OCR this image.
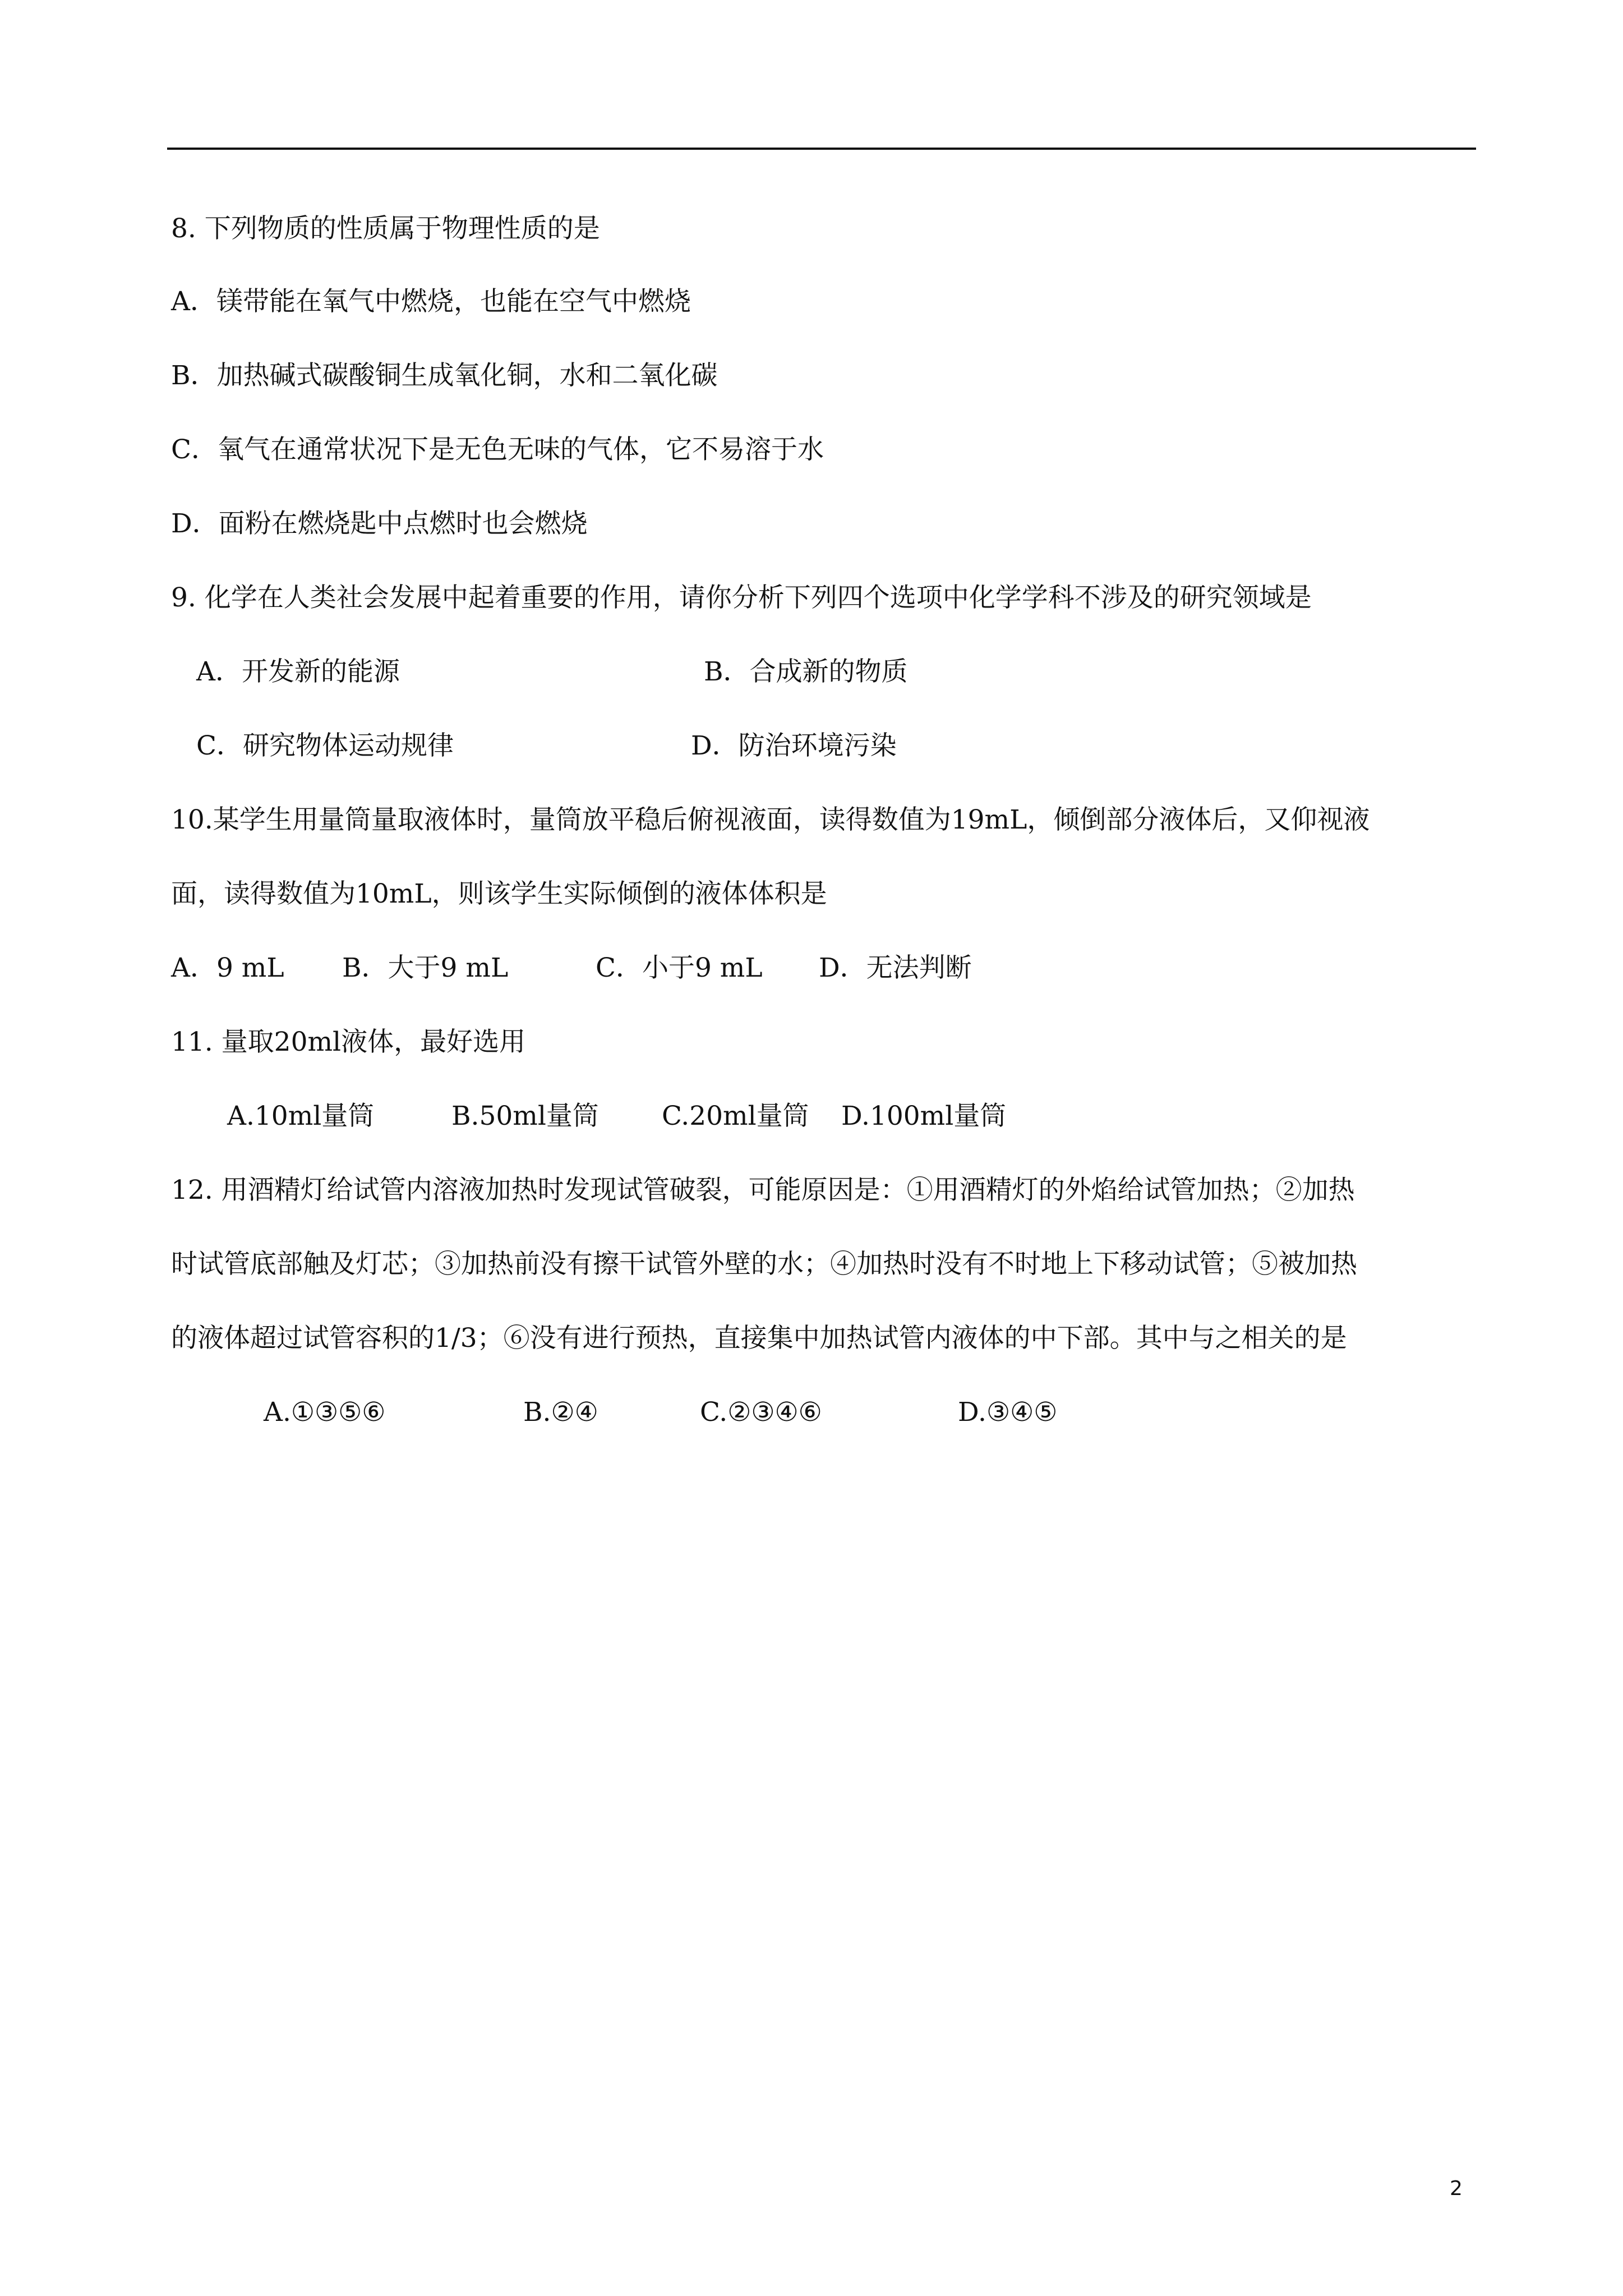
8. 下列物质的性质属于物理性质的是
A．镁带能在氧气中燃烧，也能在空气中燃烧
B．加热碱式碳酸铜生成氧化铜，水和二氧化碳
C．氧气在通常状况下是无色无味的气体，它不易溶于水
D．面粉在燃烧匙中点燃时也会燃烧
9. 化学在人类社会发展中起着重要的作用，请你分析下列四个选项中化学学科不涉及的研究领域是
A．开发新的能源	B．合成新的物质
C．研究物体运动规律	D．防治环境污染
10.某学生用量筒量取液体时，量筒放平稳后俯视液面，读得数值为19mL，倾倒部分液体后，又仰视液
面，读得数值为10mL，则该学生实际倾倒的液体体积是
A．9 mL B．大于9 mL	C．小于9 mL D．无法判断
11. 量取20ml液体，最好选用
A.10ml量筒	B.50ml量筒 C.20ml量筒 D.100ml量筒
12. 用酒精灯给试管内溶液加热时发现试管破裂，可能原因是：①用酒精灯的外焰给试管加热；②加热
时试管底部触及灯芯；③加热前没有擦干试管外壁的水；④加热时没有不时地上下移动试管；⑤被加热
的液体超过试管容积的1/3；⑥没有进行预热，直接集中加热试管内液体的中下部。其中与之相关的是
A.①③⑤⑥	B.②④	C.②③④⑥	D.③④⑤
2
